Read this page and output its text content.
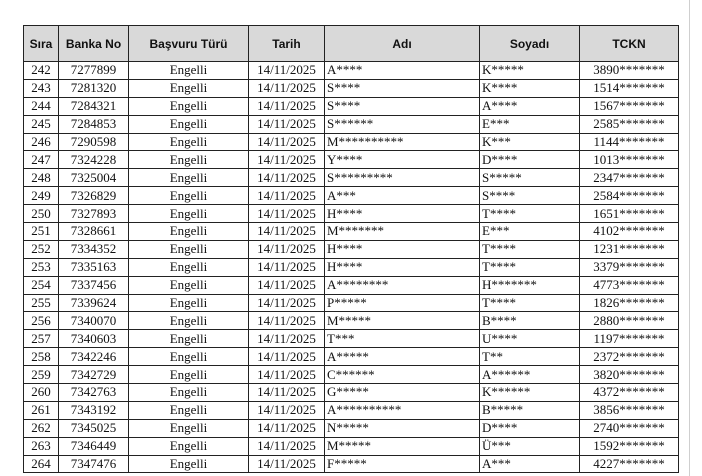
Sıra	Banka No	Başvuru Türü	Tarih	Adı	Soyadı	TCKN
242	7277899	Engelli	14/11/2025	A****	K*****	3890*******
243	7281320	Engelli	14/11/2025	S****	K****	1514*******
244	7284321	Engelli	14/11/2025	S****	A****	1567*******
245	7284853	Engelli	14/11/2025	S******	E***	2585*******
246	7290598	Engelli	14/11/2025	M**********	K***	1144*******
247	7324228	Engelli	14/11/2025	Y****	D****	1013*******
248	7325004	Engelli	14/11/2025	S*********	S*****	2347*******
249	7326829	Engelli	14/11/2025	A***	S****	2584*******
250	7327893	Engelli	14/11/2025	H****	T****	1651*******
251	7328661	Engelli	14/11/2025	M*******	E***	4102*******
252	7334352	Engelli	14/11/2025	H****	T****	1231*******
253	7335163	Engelli	14/11/2025	H****	T****	3379*******
254	7337456	Engelli	14/11/2025	A********	H*******	4773*******
255	7339624	Engelli	14/11/2025	P*****	T****	1826*******
256	7340070	Engelli	14/11/2025	M*****	B****	2880*******
257	7340603	Engelli	14/11/2025	T***	U****	1197*******
258	7342246	Engelli	14/11/2025	A*****	T**	2372*******
259	7342729	Engelli	14/11/2025	C******	A******	3820*******
260	7342763	Engelli	14/11/2025	G*****	K******	4372*******
261	7343192	Engelli	14/11/2025	A**********	B*****	3856*******
262	7345025	Engelli	14/11/2025	N*****	D****	2740*******
263	7346449	Engelli	14/11/2025	M*****	Ü***	1592*******
264	7347476	Engelli	14/11/2025	F*****	A***	4227*******
